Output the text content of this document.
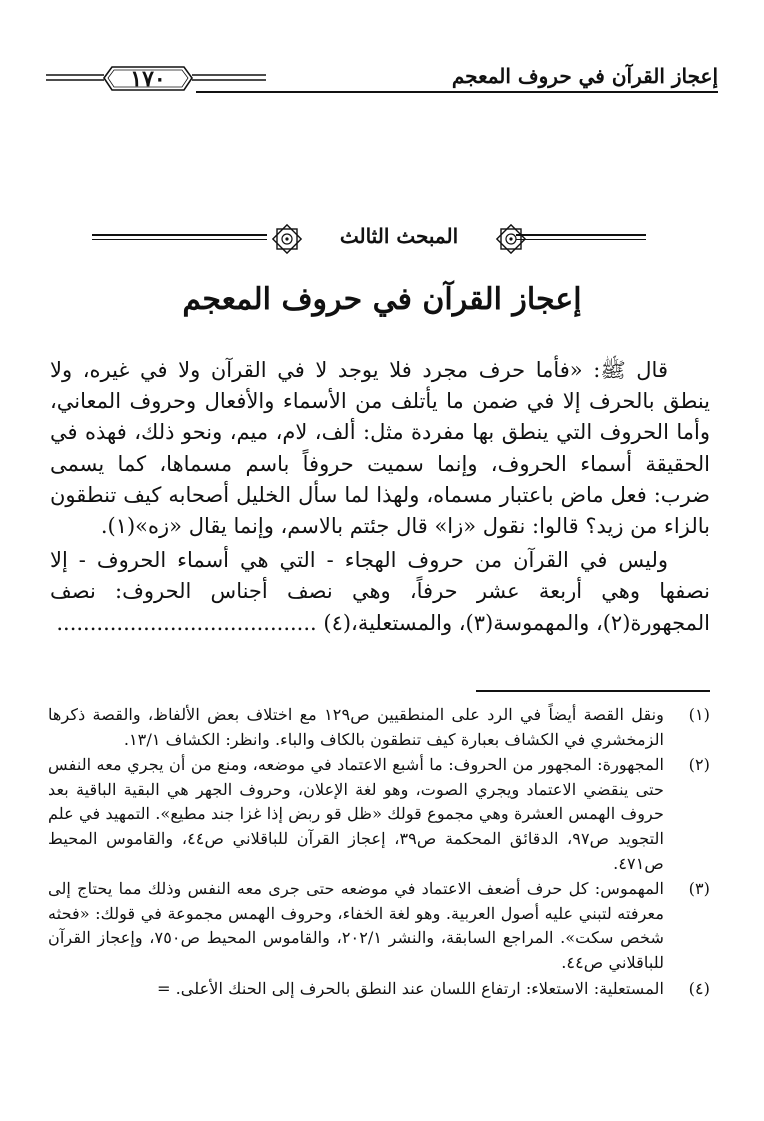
إعجاز القرآن في حروف المعجم
١٧٠
المبحث الثالث
إعجاز القرآن في حروف المعجم

قال ﷺ: «فأما حرف مجرد فلا يوجد لا في القرآن ولا في غيره، ولا ينطق بالحرف إلا في ضمن ما يأتلف من الأسماء والأفعال وحروف المعاني، وأما الحروف التي ينطق بها مفردة مثل: ألف، لام، ميم، ونحو ذلك، فهذه في الحقيقة أسماء الحروف، وإنما سميت حروفاً باسم مسماها، كما يسمى ضرب: فعل ماض باعتبار مسماه، ولهذا لما سأل الخليل أصحابه كيف تنطقون بالزاء من زيد؟ قالوا: نقول «زا» قال جئتم بالاسم، وإنما يقال «زه»(١).

وليس في القرآن من حروف الهجاء - التي هي أسماء الحروف - إلا نصفها وهي أربعة عشر حرفاً، وهي نصف أجناس الحروف: نصف المجهورة(٢)، والمهموسة(٣)، والمستعلية،(٤) .......................................

(١)
ونقل القصة أيضاً في الرد على المنطقيين ص١٢٩ مع اختلاف بعض الألفاظ، والقصة ذكرها الزمخشري في الكشاف بعبارة كيف تنطقون بالكاف والباء. وانظر: الكشاف ١٣/١.
(٢)
المجهورة: المجهور من الحروف: ما أشبع الاعتماد في موضعه، ومنع من أن يجري معه النفس حتى ينقضي الاعتماد ويجري الصوت، وهو لغة الإعلان، وحروف الجهر هي البقية الباقية بعد حروف الهمس العشرة وهي مجموع قولك «ظل قو ربض إذا غزا جند مطيع». التمهيد في علم التجويد ص٩٧، الدقائق المحكمة ص٣٩، إعجاز القرآن للباقلاني ص٤٤، والقاموس المحيط ص٤٧١.
(٣)
المهموس: كل حرف أضعف الاعتماد في موضعه حتى جرى معه النفس وذلك مما يحتاج إلى معرفته لتبني عليه أصول العربية. وهو لغة الخفاء، وحروف الهمس مجموعة في قولك: «فحثه شخص سكت». المراجع السابقة، والنشر ٢٠٢/١، والقاموس المحيط ص٧٥٠، وإعجاز القرآن للباقلاني ص٤٤.
(٤)
المستعلية: الاستعلاء: ارتفاع اللسان عند النطق بالحرف إلى الحنك الأعلى. =
